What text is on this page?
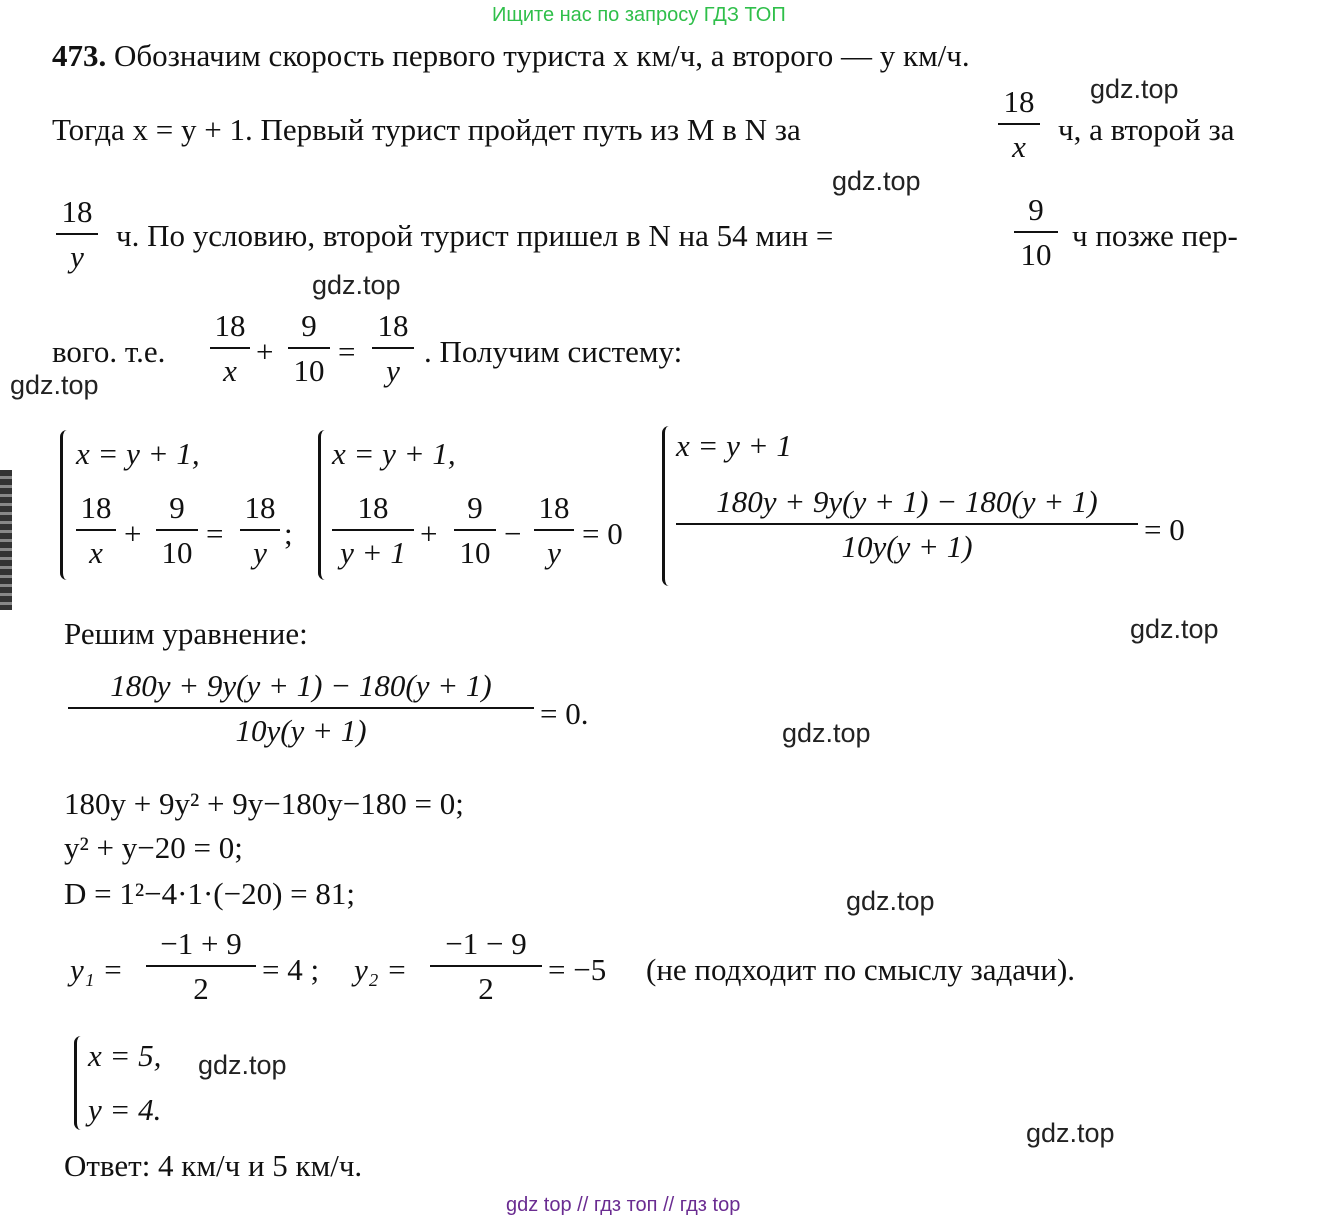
Ищите нас по запросу ГДЗ ТОП
473. Обозначим скорость первого туриста x км/ч, а второго — y км/ч.
gdz.top
Тогда x = y + 1. Первый турист пройдет путь из M в N за
18
x	ч, а второй за
gdz.top
18
y
ч. По условию, второй турист пришел в N на 54 мин =
9
10
ч позже пер-
gdz.top
вого. т.е.
18
x
+
9
10
=
18
y
. Получим систему:
gdz.top
x = y + 1,
18
x
+
9
10
=
18
y
;
x = y + 1,
18
y + 1
+
9
10
−
18
y
= 0
x = y + 1
180y + 9y(y + 1) − 180(y + 1)
10y(y + 1)	= 0
gdz.top
Решим уравнение:
180y + 9y(y + 1) − 180(y + 1)
10y(y + 1)	= 0.
gdz.top
180y + 9y² + 9y−180y−180 = 0;
y² + y−20 = 0;
D = 1²−4·1·(−20) = 81;	gdz.top
y₁ =
−1 + 9
2
= 4 ; y₂ =
−1 − 9
2
= −5 (не подходит по смыслу задачи).
x = 5,
y = 4.
gdz.top
gdz.top
Ответ: 4 км/ч и 5 км/ч.
gdz top // гдз топ // гдз top
